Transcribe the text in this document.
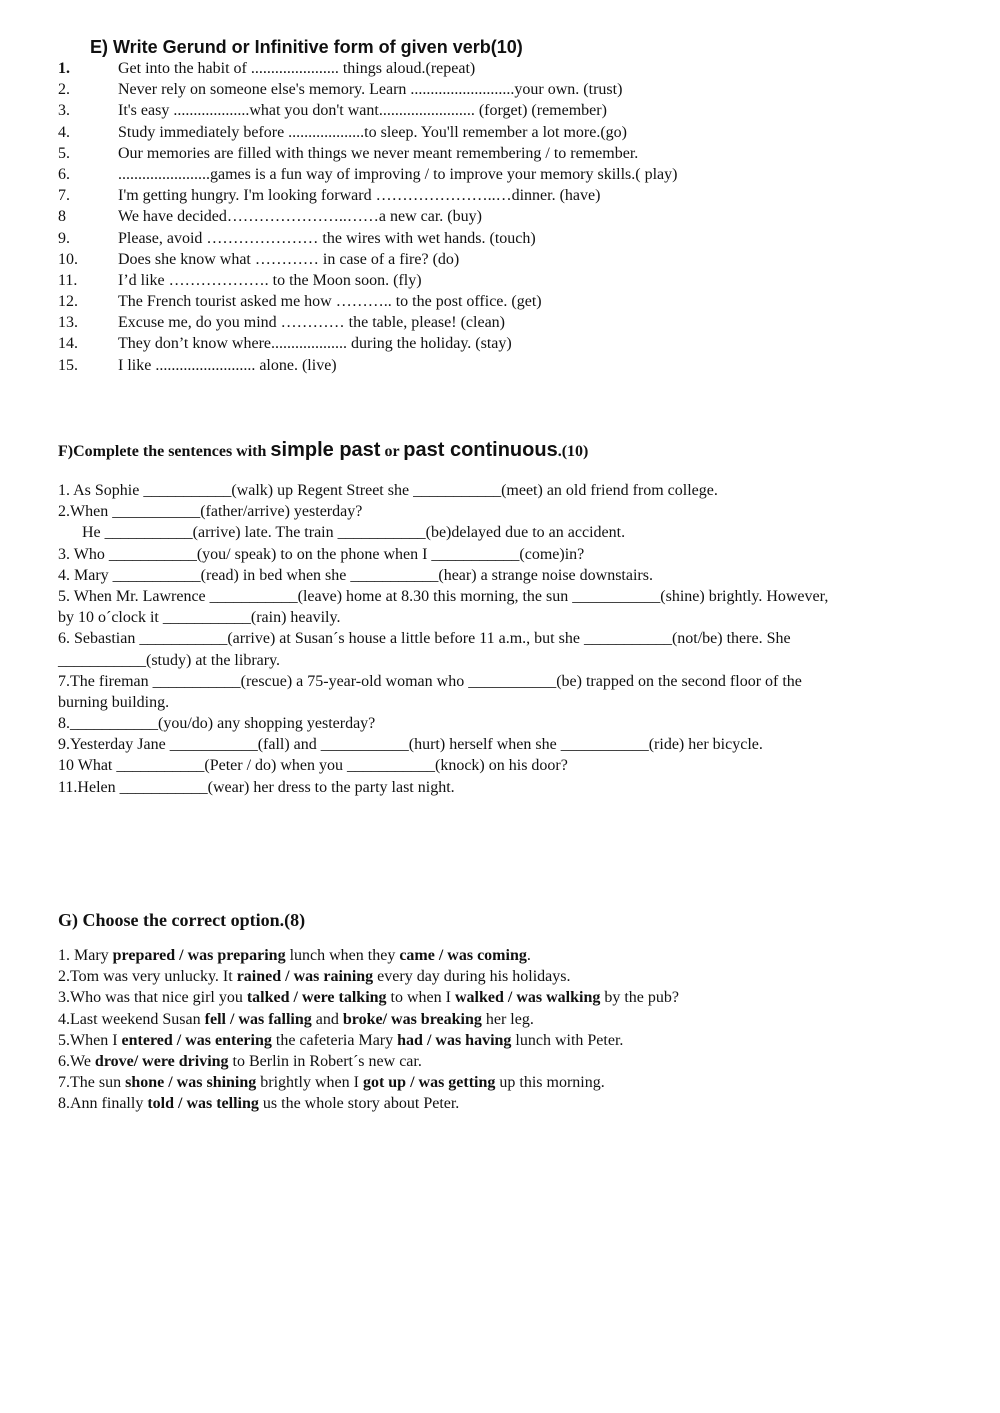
E) Write Gerund or Infinitive form of given verb(10)
1.	Get into the habit of ...................... things aloud.(repeat)
2.	Never rely on someone else's memory. Learn ..........................your own. (trust)
3.	It's easy ...................what you don't want........................ (forget) (remember)
4.	Study immediately before ...................to sleep. You'll remember a lot more.(go)
5.	Our memories are filled with things we never meant remembering / to remember.
6.	.......................games is a fun way of improving / to improve your memory skills.( play)
7.	I'm getting hungry. I'm looking forward …………………..…dinner. (have)
8	We have decided…………………..……a new car. (buy)
9.	Please, avoid ………………… the wires with wet hands. (touch)
10.	Does she know what ………… in case of a fire? (do)
11.	I’d like ………………. to the Moon soon. (fly)
12.	The French tourist asked me how ……….. to the post office. (get)
13.	Excuse me, do you mind ………… the table, please! (clean)
14.	They don’t know where................... during the holiday. (stay)
15.	I like ......................... alone. (live)
F)Complete the sentences with simple past or past continuous.(10)
1. As Sophie ___________(walk) up Regent Street she ___________(meet) an old friend from college.
2.When ___________(father/arrive) yesterday?
He ___________(arrive) late. The train ___________(be)delayed due to an accident.
3. Who ___________(you/ speak) to on the phone when I ___________(come)in?
4. Mary ___________(read) in bed when she ___________(hear) a strange noise downstairs.
5. When Mr. Lawrence ___________(leave) home at 8.30 this morning, the sun ___________(shine) brightly. However,
by 10 o´clock it ___________(rain) heavily.
6. Sebastian ___________(arrive) at Susan´s house a little before 11 a.m., but she ___________(not/be) there. She
___________(study) at the library.
7.The fireman ___________(rescue) a 75-year-old woman who ___________(be) trapped on the second floor of the
burning building.
8.___________(you/do) any shopping yesterday?
9.Yesterday Jane ___________(fall) and ___________(hurt) herself when she ___________(ride) her bicycle.
10 What ___________(Peter / do) when you ___________(knock) on his door?
11.Helen ___________(wear) her dress to the party last night.
G) Choose the correct option.(8)
1. Mary prepared / was preparing lunch when they came / was coming.
2.Tom was very unlucky. It rained / was raining every day during his holidays.
3.Who was that nice girl you talked / were talking to when I walked / was walking by the pub?
4.Last weekend Susan fell / was falling and broke/ was breaking her leg.
5.When I entered / was entering the cafeteria Mary had / was having lunch with Peter.
6.We drove/ were driving to Berlin in Robert´s new car.
7.The sun shone / was shining brightly when I got up / was getting up this morning.
8.Ann finally told / was telling us the whole story about Peter.
